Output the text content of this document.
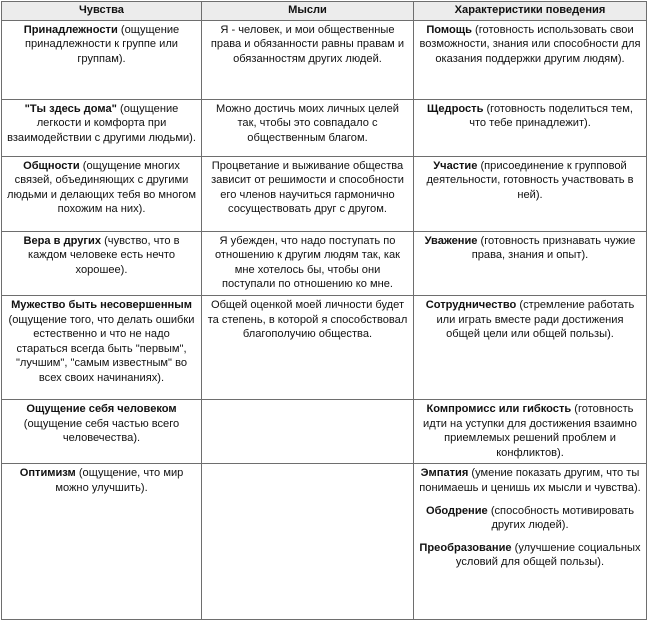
Чувства	Мысли	Характеристики поведения
Принадлежности (ощущение принадлежности к группе или группам).	Я - человек, и мои общественные права и обязанности равны правам и обязанностям других людей.	Помощь (готовность использовать свои возможности, знания или способности для оказания поддержки другим людям).
"Ты здесь дома" (ощущение легкости и комфорта при взаимодействии с другими людьми).	Можно достичь моих личных целей так, чтобы это совпадало с общественным благом.	Щедрость (готовность поделиться тем, что тебе принадлежит).
Общности (ощущение многих связей, объединяющих с другими людьми и делающих тебя во многом похожим на них).	Процветание и выживание общества зависит от решимости и способности его членов научиться гармонично сосуществовать друг с другом.	Участие (присоединение к групповой деятельности, готовность участвовать в ней).
Вера в других (чувство, что в каждом человеке есть нечто хорошее).	Я убежден, что надо поступать по отношению к другим людям так, как мне хотелось бы, чтобы они поступали по отношению ко мне.	Уважение (готовность признавать чужие права, знания и опыт).
Мужество быть несовершенным (ощущение того, что делать ошибки естественно и что не надо стараться всегда быть "первым", "лучшим", "самым известным" во всех своих начинаниях).	Общей оценкой моей личности будет та степень, в которой я способствовал благополучию общества.	Сотрудничество (стремление работать или играть вместе ради достижения общей цели или общей пользы).
Ощущение себя человеком (ощущение себя частью всего человечества).		Компромисс или гибкость (готовность идти на уступки для достижения взаимно приемлемых решений проблем и конфликтов).
Оптимизм (ощущение, что мир можно улучшить).		Эмпатия (умение показать другим, что ты понимаешь и ценишь их мысли и чувства).
Ободрение (способность мотивировать других людей).
Преобразование (улучшение социальных условий для общей пользы).
